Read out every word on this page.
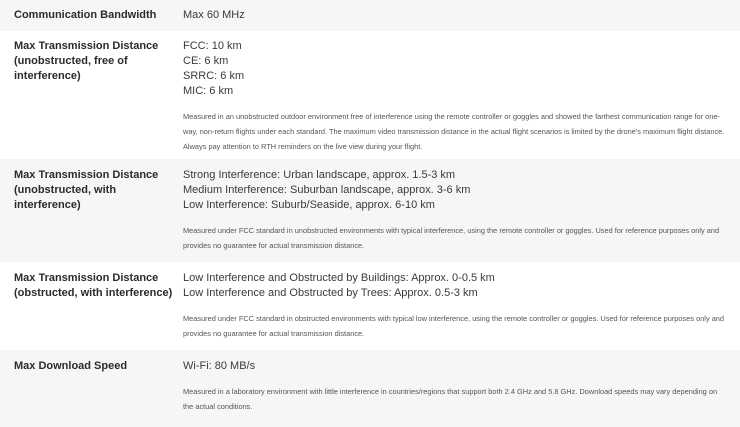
Communication Bandwidth	Max 60 MHz
Max Transmission Distance (unobstructed, free of interference)
FCC: 10 km
CE: 6 km
SRRC: 6 km
MIC: 6 km
Measured in an unobstructed outdoor environment free of interference using the remote controller or goggles and showed the farthest communication range for one-way, non-return flights under each standard. The maximum video transmission distance in the actual flight scenarios is limited by the drone's maximum flight distance. Always pay attention to RTH reminders on the live view during your flight.
Max Transmission Distance (unobstructed, with interference)
Strong Interference: Urban landscape, approx. 1.5-3 km
Medium Interference: Suburban landscape, approx. 3-6 km
Low Interference: Suburb/Seaside, approx. 6-10 km
Measured under FCC standard in unobstructed environments with typical interference, using the remote controller or goggles. Used for reference purposes only and provides no guarantee for actual transmission distance.
Max Transmission Distance (obstructed, with interference)
Low Interference and Obstructed by Buildings: Approx. 0-0.5 km
Low Interference and Obstructed by Trees: Approx. 0.5-3 km
Measured under FCC standard in obstructed environments with typical low interference, using the remote controller or goggles. Used for reference purposes only and provides no guarantee for actual transmission distance.
Max Download Speed	Wi-Fi: 80 MB/s
Measured in a laboratory environment with little interference in countries/regions that support both 2.4 GHz and 5.8 GHz. Download speeds may vary depending on the actual conditions.
